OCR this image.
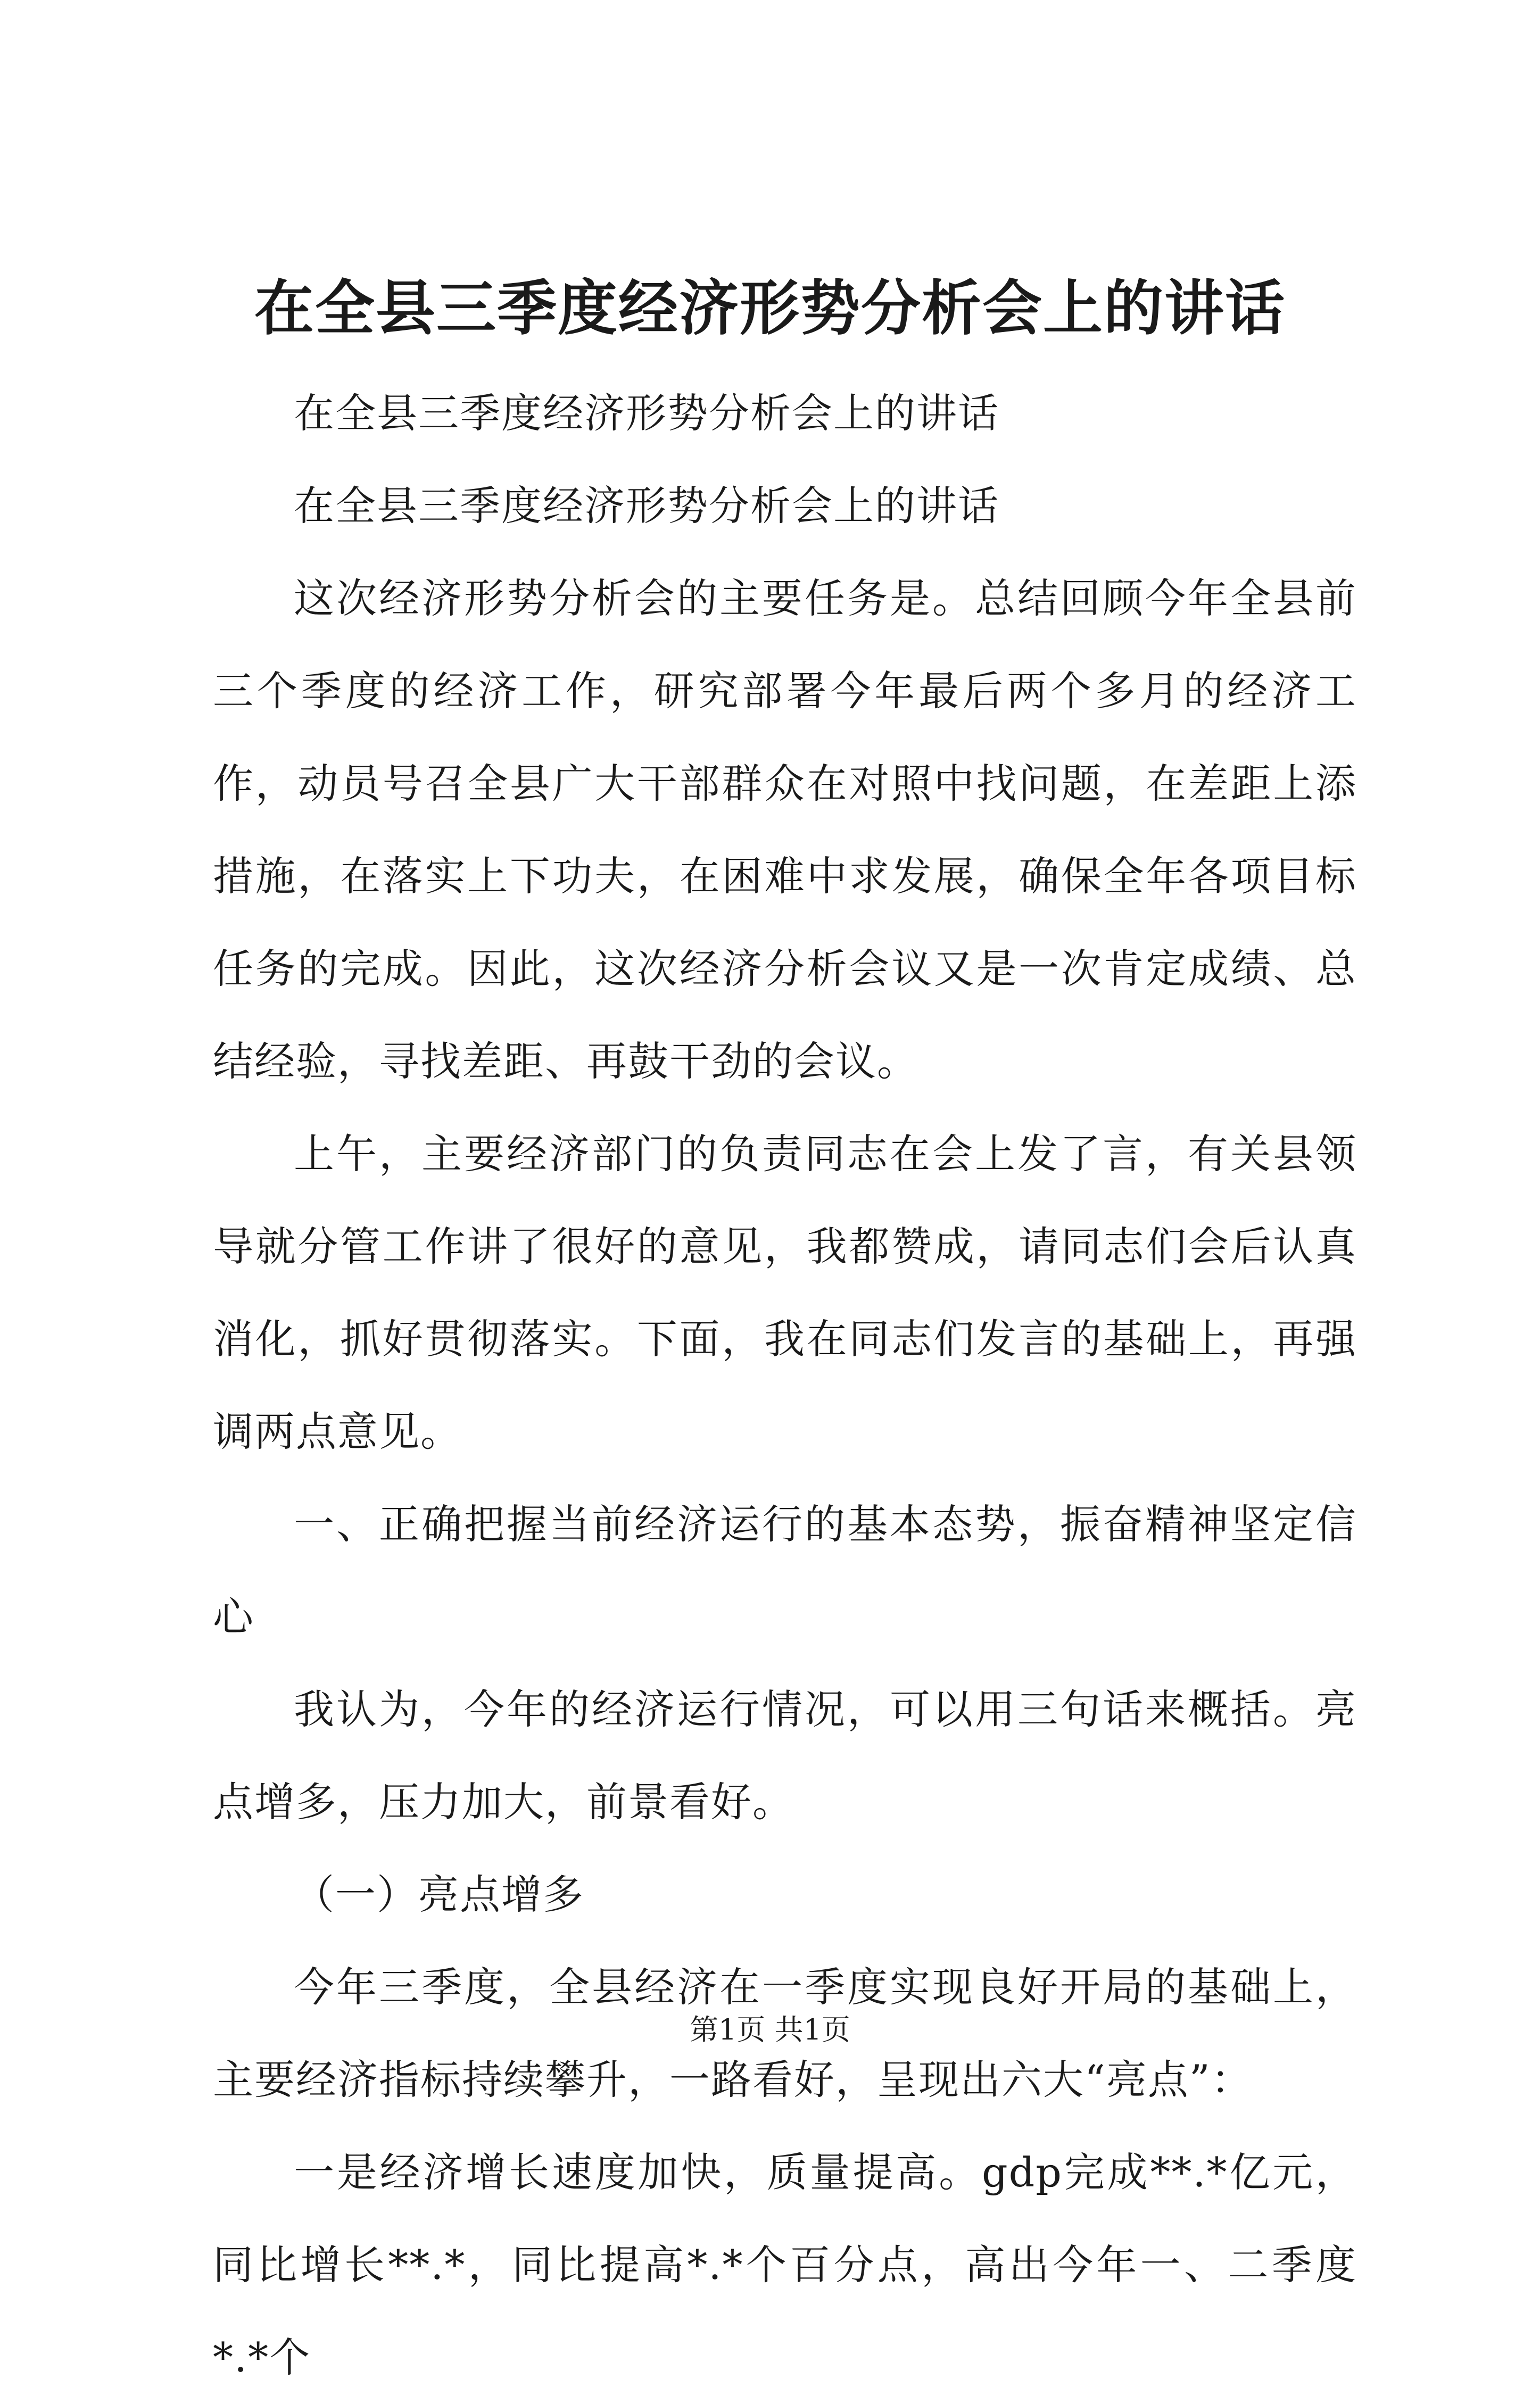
在全县三季度经济形势分析会上的讲话

在全县三季度经济形势分析会上的讲话

在全县三季度经济形势分析会上的讲话

这次经济形势分析会的主要任务是。总结回顾今年全县前三个季度的经济工作，研究部署今年最后两个多月的经济工作，动员号召全县广大干部群众在对照中找问题，在差距上添措施，在落实上下功夫，在困难中求发展，确保全年各项目标任务的完成。因此，这次经济分析会议又是一次肯定成绩、总结经验，寻找差距、再鼓干劲的会议。

上午，主要经济部门的负责同志在会上发了言，有关县领导就分管工作讲了很好的意见，我都赞成，请同志们会后认真消化，抓好贯彻落实。下面，我在同志们发言的基础上，再强调两点意见。

一、正确把握当前经济运行的基本态势，振奋精神坚定信心

我认为，今年的经济运行情况，可以用三句话来概括。亮点增多，压力加大，前景看好。

（一）亮点增多

今年三季度，全县经济在一季度实现良好开局的基础上，主要经济指标持续攀升，一路看好，呈现出六大“亮点”：

一是经济增长速度加快，质量提高。gdp完成**.*亿元，同比增长**.*，同比提高*.*个百分点，高出今年一、二季度*.*个

第1页 共1页
